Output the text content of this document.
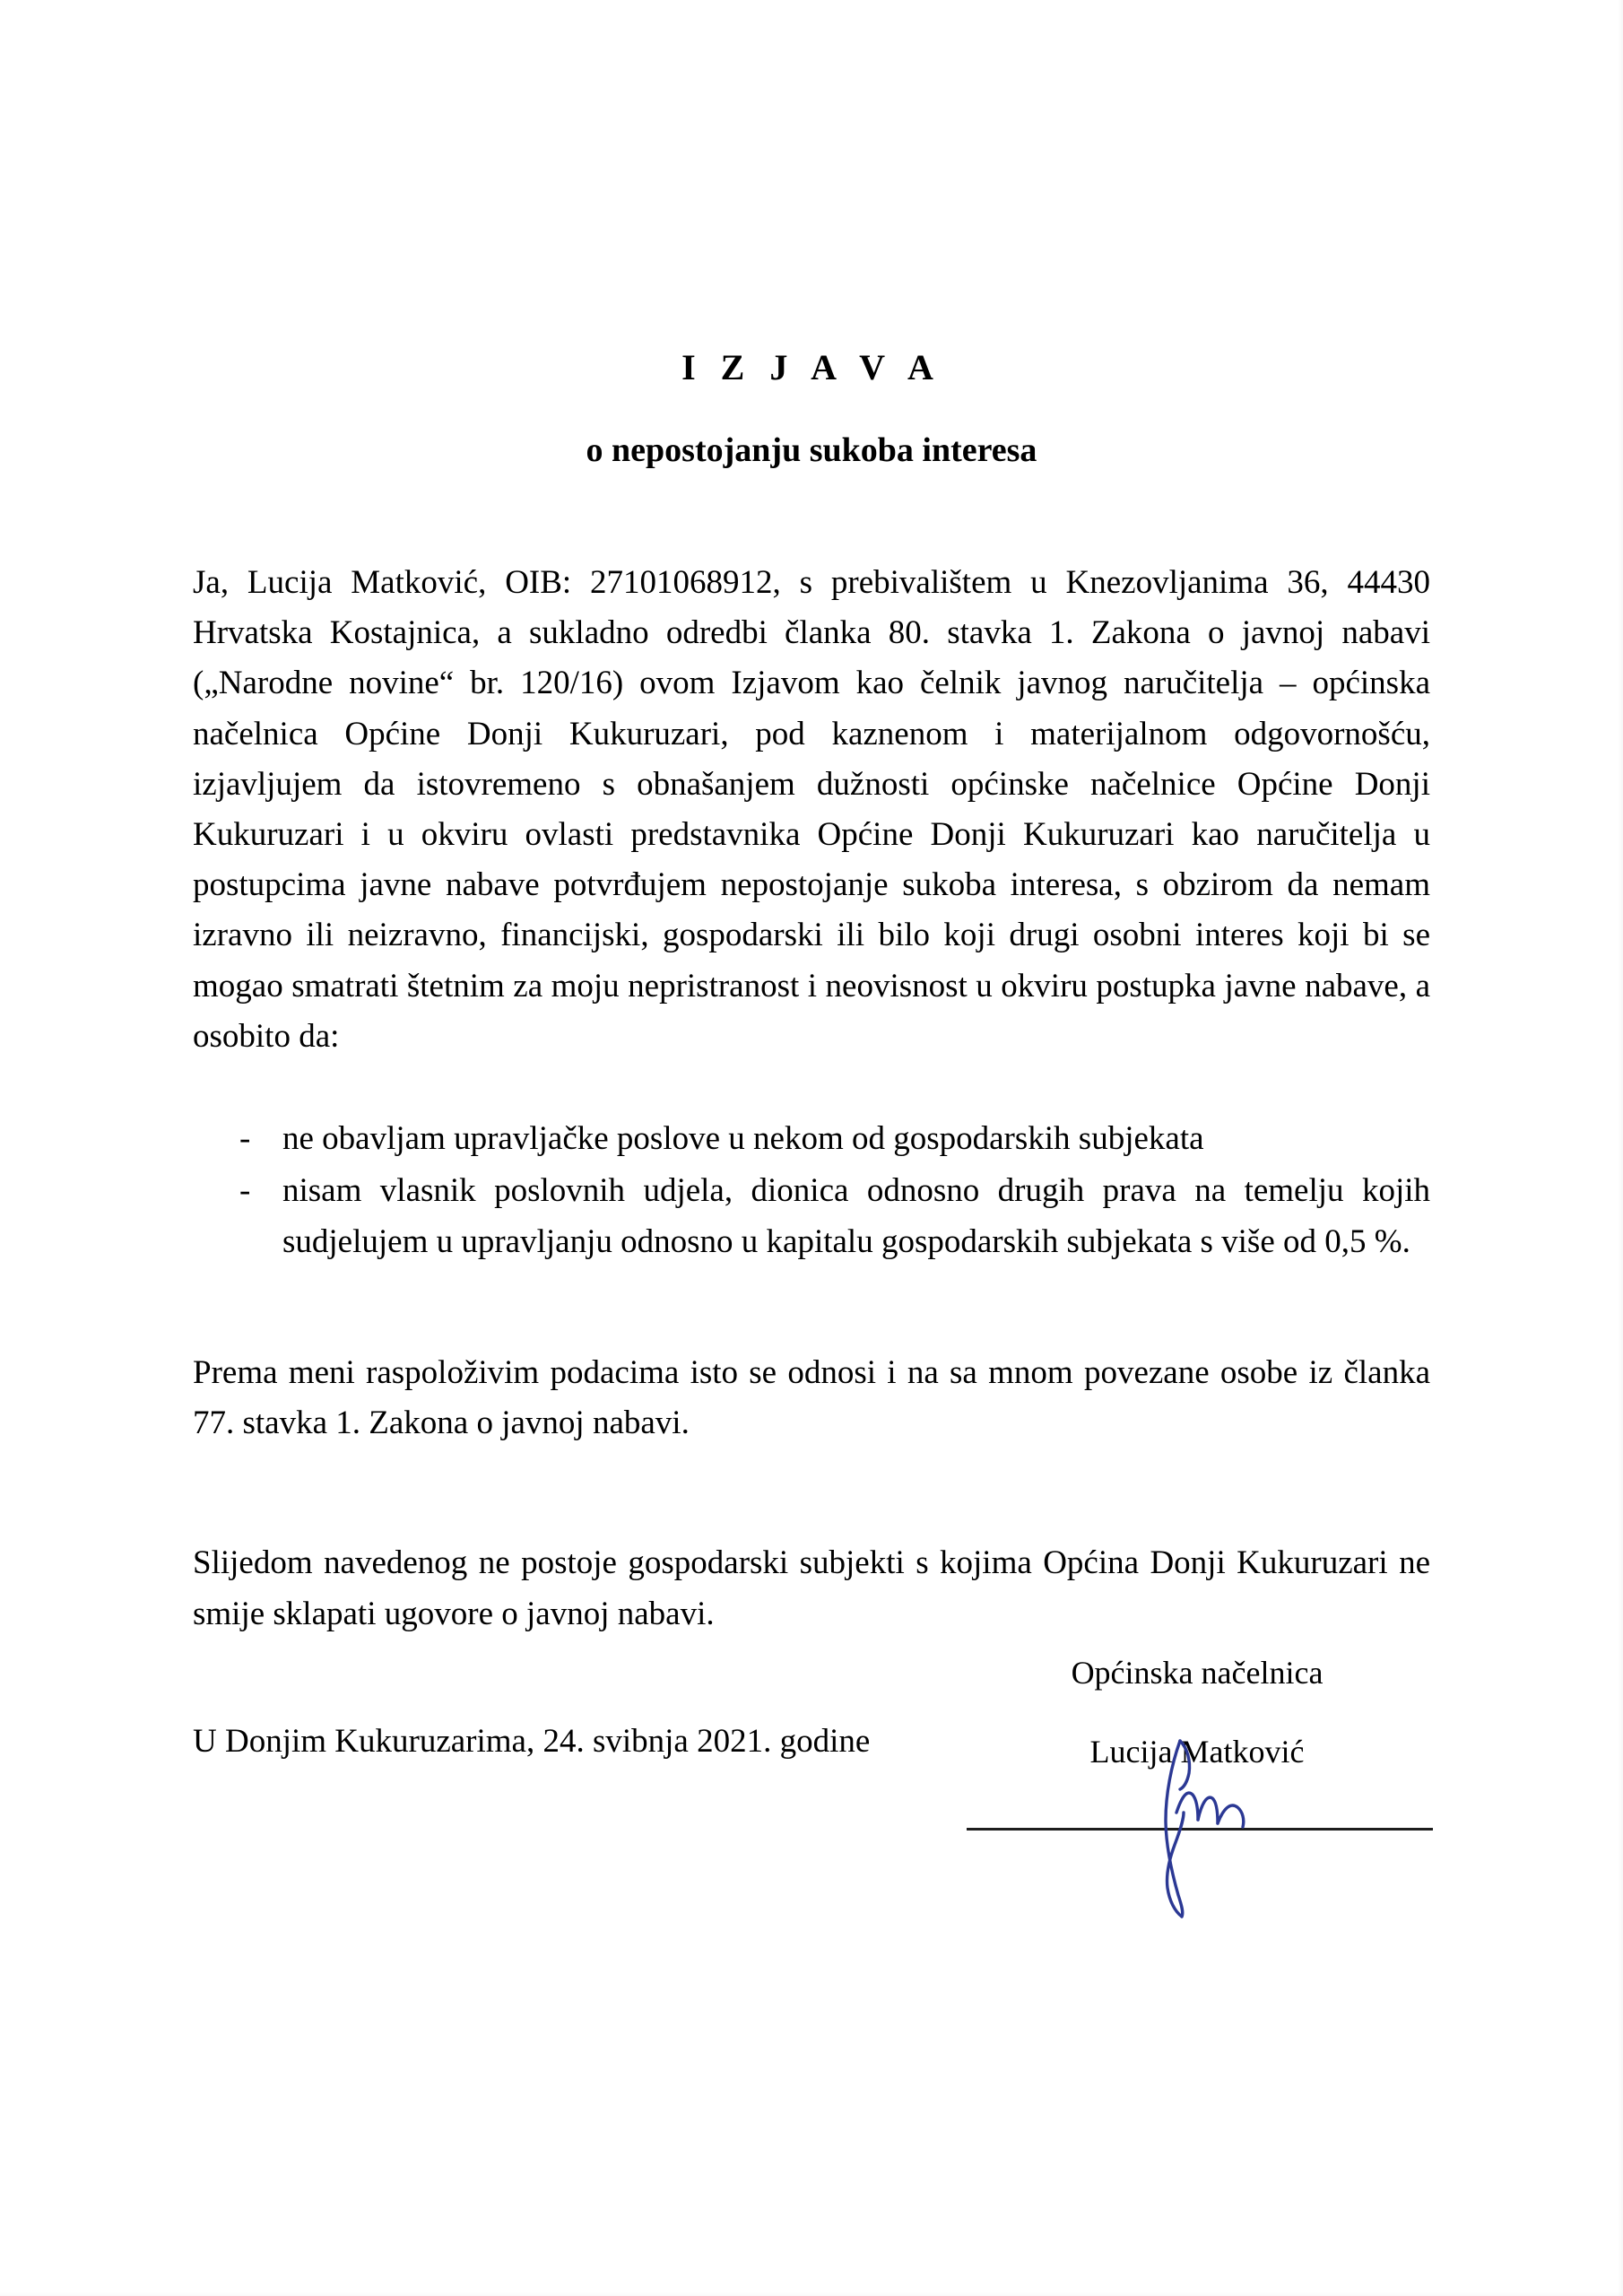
I Z J A V A
o nepostojanju sukoba interesa

Ja, Lucija Matković, OIB: 27101068912, s prebivalištem u Knezovljanima 36, 44430 Hrvatska Kostajnica, a sukladno odredbi članka 80. stavka 1. Zakona o javnoj nabavi („Narodne novine“ br. 120/16) ovom Izjavom kao čelnik javnog naručitelja – općinska načelnica Općine Donji Kukuruzari, pod kaznenom i materijalnom odgovornošću, izjavljujem da istovremeno s obnašanjem dužnosti općinske načelnice Općine Donji Kukuruzari i u okviru ovlasti predstavnika Općine Donji Kukuruzari kao naručitelja u postupcima javne nabave potvrđujem nepostojanje sukoba interesa, s obzirom da nemam izravno ili neizravno, financijski, gospodarski ili bilo koji drugi osobni interes koji bi se mogao smatrati štetnim za moju nepristranost i neovisnost u okviru postupka javne nabave, a osobito da:

- ne obavljam upravljačke poslove u nekom od gospodarskih subjekata
- nisam vlasnik poslovnih udjela, dionica odnosno drugih prava na temelju kojih sudjelujem u upravljanju odnosno u kapitalu gospodarskih subjekata s više od 0,5 %.

Prema meni raspoloživim podacima isto se odnosi i na sa mnom povezane osobe iz članka 77. stavka 1. Zakona o javnoj nabavi.

Slijedom navedenog ne postoje gospodarski subjekti s kojima Općina Donji Kukuruzari ne smije sklapati ugovore o javnoj nabavi.

U Donjim Kukuruzarima, 24. svibnja 2021. godine

Općinska načelnica
Lucija Matković
